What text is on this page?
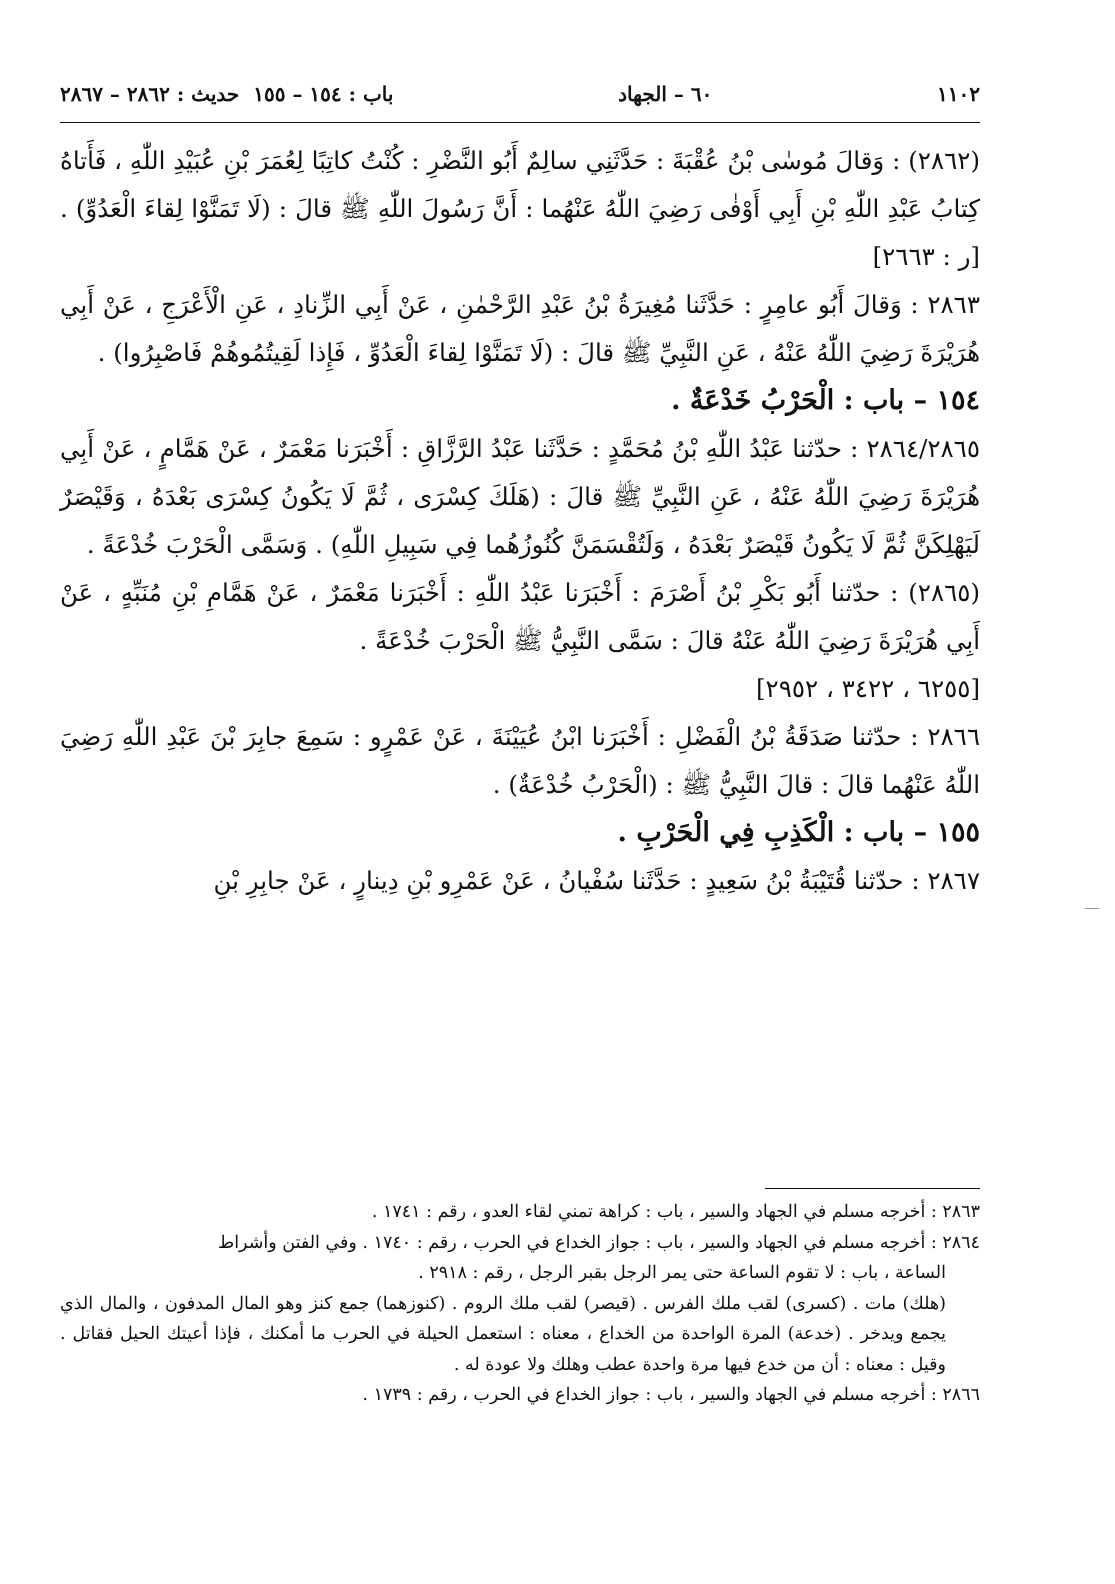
١١٠٢
٦٠ – الجهاد
باب : ١٥٤ – ١٥٥
حديث : ٢٨٦٢ – ٢٨٦٧

(٢٨٦٢) : وَقالَ مُوسٰى بْنُ عُقْبَةَ : حَدَّثَنِي سالِمٌ أَبُو النَّضْرِ : كُنْتُ كاتِبًا لِعُمَرَ بْنِ عُبَيْدِ اللّٰهِ ، فَأَتاهُ كِتابُ عَبْدِ اللّٰهِ بْنِ أَبِي أَوْفٰى رَضِيَ اللّٰهُ عَنْهُما : أَنَّ رَسُولَ اللّٰهِ ﷺ قالَ : (لَا تَمَنَّوْا لِقاءَ الْعَدُوِّ) . [ر : ٢٦٦٣]

٢٨٦٣ : وَقالَ أَبُو عامِرٍ : حَدَّثَنا مُغِيرَةُ بْنُ عَبْدِ الرَّحْمٰنِ ، عَنْ أَبِي الزِّنادِ ، عَنِ الْأَعْرَجِ ، عَنْ أَبِي هُرَيْرَةَ رَضِيَ اللّٰهُ عَنْهُ ، عَنِ النَّبِيِّ ﷺ قالَ : (لَا تَمَنَّوْا لِقاءَ الْعَدُوِّ ، فَإِذا لَقِيتُمُوهُمْ فَاصْبِرُوا) .

١٥٤ – باب : الْحَرْبُ خَدْعَةٌ .

٢٨٦٤/٢٨٦٥ : حدّثنا عَبْدُ اللّٰهِ بْنُ مُحَمَّدٍ : حَدَّثَنا عَبْدُ الرَّزَّاقِ : أَخْبَرَنا مَعْمَرٌ ، عَنْ هَمَّامٍ ، عَنْ أَبِي هُرَيْرَةَ رَضِيَ اللّٰهُ عَنْهُ ، عَنِ النَّبِيِّ ﷺ قالَ : (هَلَكَ كِسْرَى ، ثُمَّ لَا يَكُونُ كِسْرَى بَعْدَهُ ، وَقَيْصَرٌ لَيَهْلِكَنَّ ثُمَّ لَا يَكُونُ قَيْصَرٌ بَعْدَهُ ، وَلَتُقْسَمَنَّ كُنُوزُهُما فِي سَبِيلِ اللّٰهِ) . وَسَمَّى الْحَرْبَ خُدْعَةً .

(٢٨٦٥) : حدّثنا أَبُو بَكْرِ بْنُ أَصْرَمَ : أَخْبَرَنا عَبْدُ اللّٰهِ : أَخْبَرَنا مَعْمَرٌ ، عَنْ هَمَّامِ بْنِ مُنَبِّهٍ ، عَنْ أَبِي هُرَيْرَةَ رَضِيَ اللّٰهُ عَنْهُ قالَ : سَمَّى النَّبِيُّ ﷺ الْحَرْبَ خُدْعَةً .
[٦٢٥٥ ، ٣٤٢٢ ، ٢٩٥٢]

٢٨٦٦ : حدّثنا صَدَقَةُ بْنُ الْفَضْلِ : أَخْبَرَنا ابْنُ عُيَيْنَةَ ، عَنْ عَمْرٍو : سَمِعَ جابِرَ بْنَ عَبْدِ اللّٰهِ رَضِيَ اللّٰهُ عَنْهُما قالَ : قالَ النَّبِيُّ ﷺ : (الْحَرْبُ خُدْعَةٌ) .

١٥٥ – باب : الْكَذِبِ فِي الْحَرْبِ .

٢٨٦٧ : حدّثنا قُتَيْبَةُ بْنُ سَعِيدٍ : حَدَّثَنا سُفْيانُ ، عَنْ عَمْرِو بْنِ دِينارٍ ، عَنْ جابِرِ بْنِ

٢٨٦٣ : أخرجه مسلم في الجهاد والسير ، باب : كراهة تمني لقاء العدو ، رقم : ١٧٤١ .

٢٨٦٤ : أخرجه مسلم في الجهاد والسير ، باب : جواز الخداع في الحرب ، رقم : ١٧٤٠ . وفي الفتن وأشراط

الساعة ، باب : لا تقوم الساعة حتى يمر الرجل بقبر الرجل ، رقم : ٢٩١٨ .

(هلك) مات . (كسرى) لقب ملك الفرس . (قيصر) لقب ملك الروم . (كنوزهما) جمع كنز وهو المال المدفون ، والمال الذي يجمع ويدخر . (خدعة) المرة الواحدة من الخداع ، معناه : استعمل الحيلة في الحرب ما أمكنك ، فإذا أعيتك الحيل فقاتل . وقيل : معناه : أن من خدع فيها مرة واحدة عطب وهلك ولا عودة له .

٢٨٦٦ : أخرجه مسلم في الجهاد والسير ، باب : جواز الخداع في الحرب ، رقم : ١٧٣٩ .
